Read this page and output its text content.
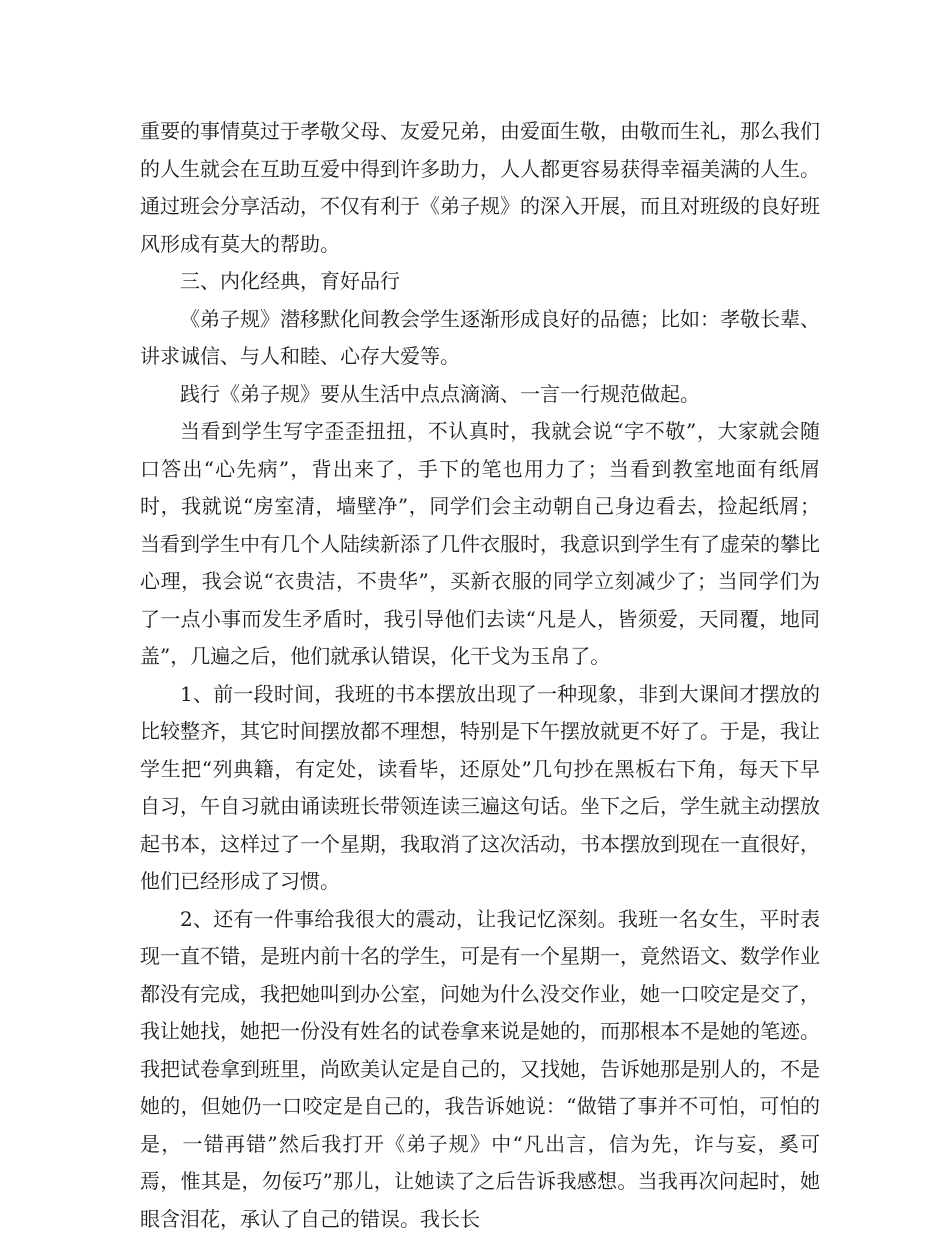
重要的事情莫过于孝敬父母、友爱兄弟，由爱面生敬，由敬而生礼，那么我们的人生就会在互助互爱中得到许多助力，人人都更容易获得幸福美满的人生。通过班会分享活动，不仅有利于《弟子规》的深入开展，而且对班级的良好班风形成有莫大的帮助。

三、内化经典，育好品行

《弟子规》潜移默化间教会学生逐渐形成良好的品德；比如：孝敬长辈、讲求诚信、与人和睦、心存大爱等。

践行《弟子规》要从生活中点点滴滴、一言一行规范做起。

当看到学生写字歪歪扭扭，不认真时，我就会说“字不敬”，大家就会随口答出“心先病”，背出来了，手下的笔也用力了；当看到教室地面有纸屑时，我就说“房室清，墙壁净”，同学们会主动朝自己身边看去，捡起纸屑；当看到学生中有几个人陆续新添了几件衣服时，我意识到学生有了虚荣的攀比心理，我会说“衣贵洁，不贵华”，买新衣服的同学立刻减少了；当同学们为了一点小事而发生矛盾时，我引导他们去读“凡是人，皆须爱，天同覆，地同盖”，几遍之后，他们就承认错误，化干戈为玉帛了。

1、前一段时间，我班的书本摆放出现了一种现象，非到大课间才摆放的比较整齐，其它时间摆放都不理想，特别是下午摆放就更不好了。于是，我让学生把“列典籍，有定处，读看毕，还原处”几句抄在黑板右下角，每天下早自习，午自习就由诵读班长带领连读三遍这句话。坐下之后，学生就主动摆放起书本，这样过了一个星期，我取消了这次活动，书本摆放到现在一直很好，他们已经形成了习惯。

2、还有一件事给我很大的震动，让我记忆深刻。我班一名女生，平时表现一直不错，是班内前十名的学生，可是有一个星期一，竟然语文、数学作业都没有完成，我把她叫到办公室，问她为什么没交作业，她一口咬定是交了，我让她找，她把一份没有姓名的试卷拿来说是她的，而那根本不是她的笔迹。我把试卷拿到班里，尚欧美认定是自己的，又找她，告诉她那是别人的，不是她的，但她仍一口咬定是自己的，我告诉她说：“做错了事并不可怕，可怕的是，一错再错”然后我打开《弟子规》中“凡出言，信为先，诈与妄，奚可焉，惟其是，勿佞巧”那儿，让她读了之后告诉我感想。当我再次问起时，她眼含泪花，承认了自己的错误。我长长
